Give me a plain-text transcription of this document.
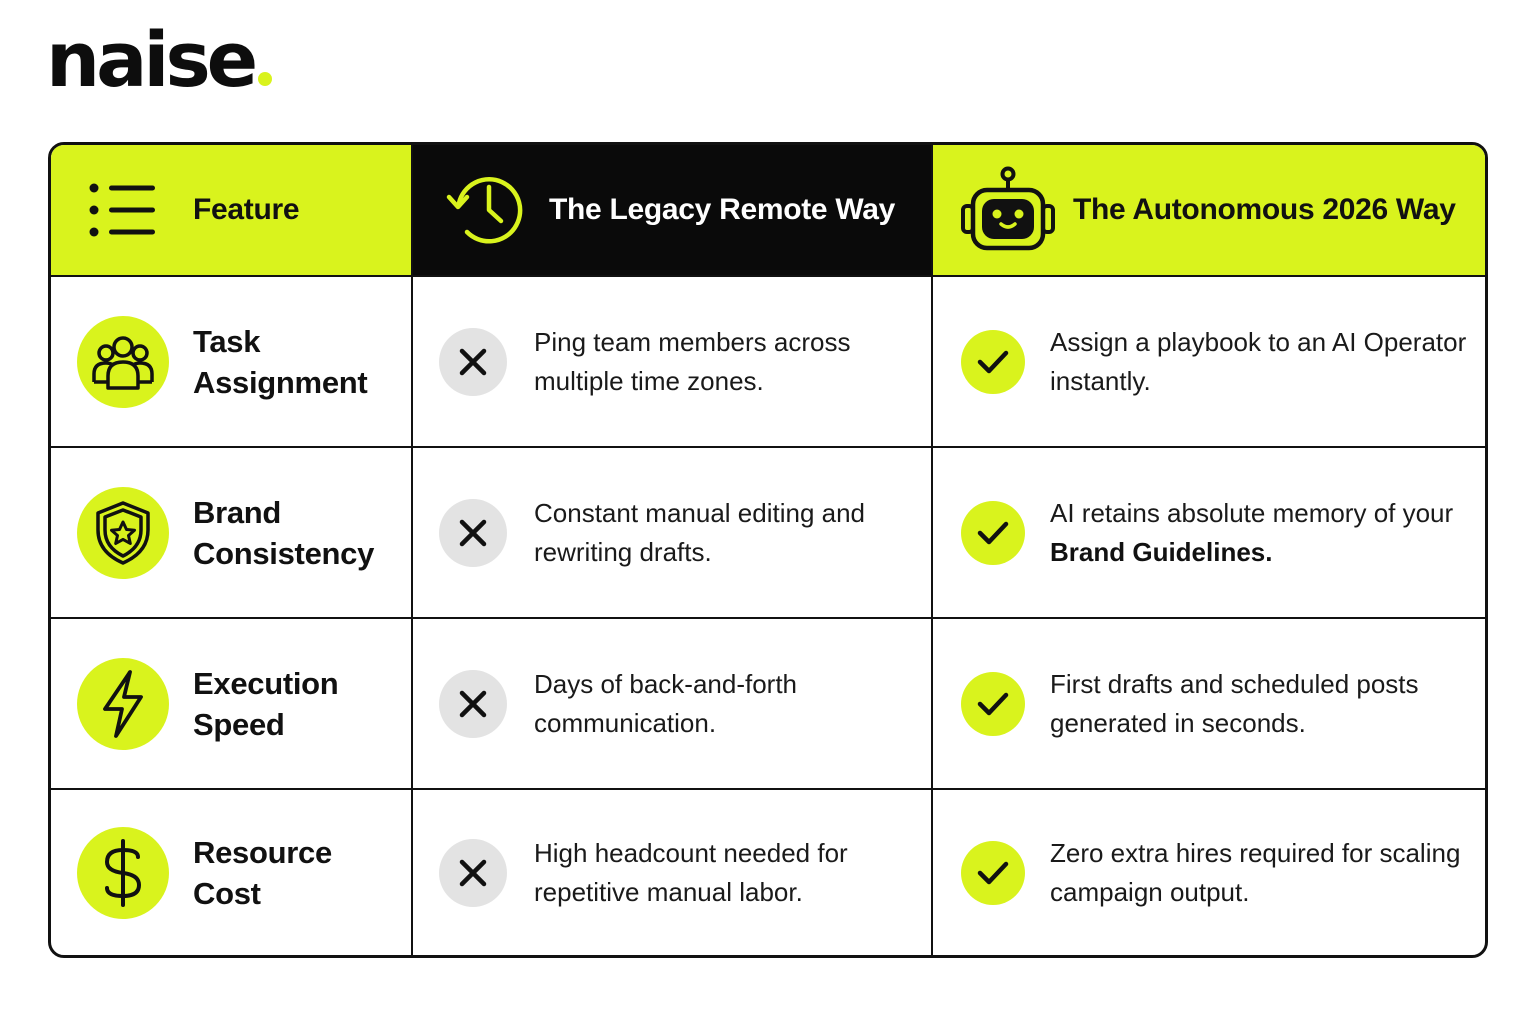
naise
Feature	The Legacy Remote Way	The Autonomous 2026 Way
Task Assignment
Ping team members across multiple time zones.
Assign a playbook to an AI Operator instantly.
Brand Consistency
Constant manual editing and rewriting drafts.
AI retains absolute memory of your
Brand Guidelines.
Execution Speed
Days of back-and-forth communication.
First drafts and scheduled posts generated in seconds.
Resource Cost
High headcount needed for repetitive manual labor.
Zero extra hires required for scaling campaign output.
